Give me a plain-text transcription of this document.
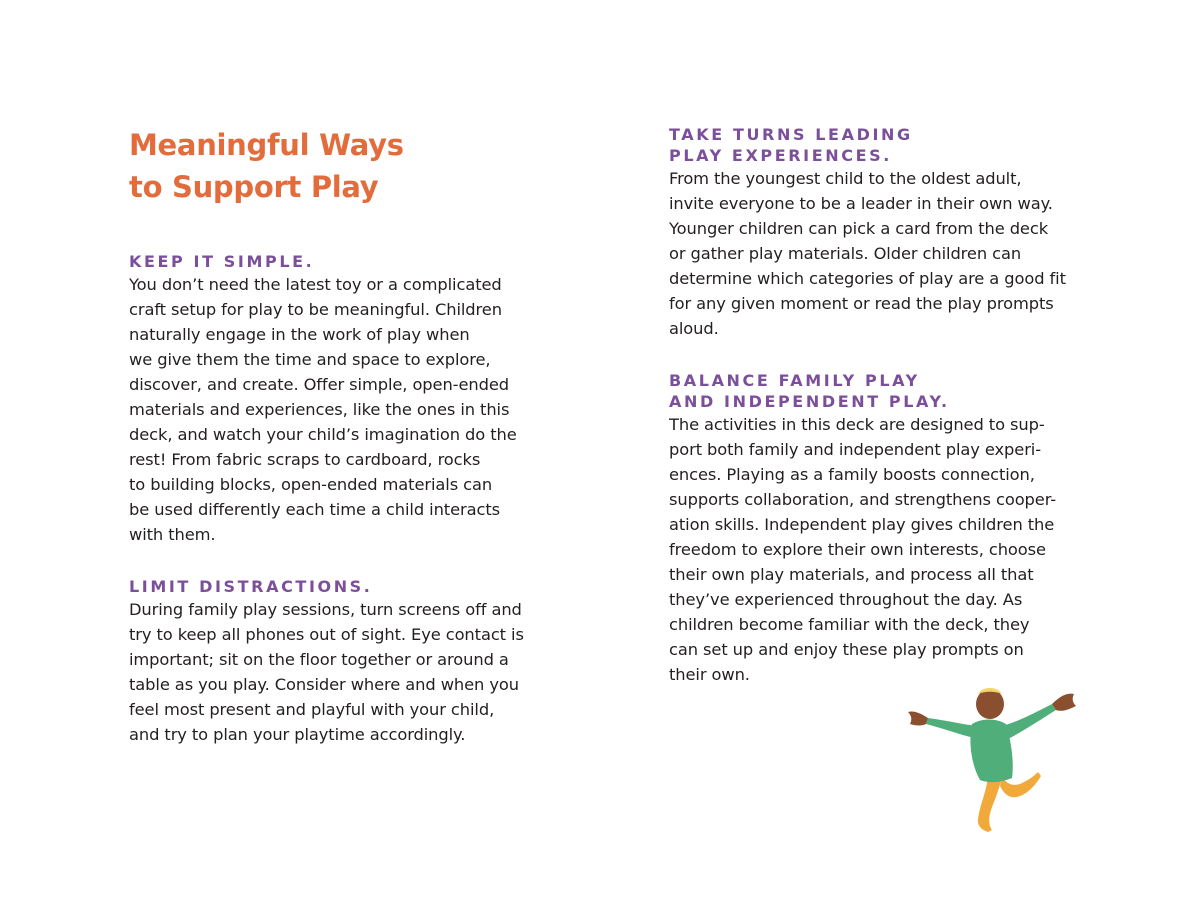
Meaningful Ways
to Support Play
KEEP IT SIMPLE.

You don’t need the latest toy or a complicated
craft setup for play to be meaningful. Children
naturally engage in the work of play when
we give them the time and space to explore,
discover, and create. Offer simple, open-ended
materials and experiences, like the ones in this
deck, and watch your child’s imagination do the
rest! From fabric scraps to cardboard, rocks
to building blocks, open-ended materials can
be used differently each time a child interacts
with them.

LIMIT DISTRACTIONS.

During family play sessions, turn screens off and
try to keep all phones out of sight. Eye contact is
important; sit on the floor together or around a
table as you play. Consider where and when you
feel most present and playful with your child,
and try to plan your playtime accordingly.

TAKE TURNS LEADING
PLAY EXPERIENCES.

From the youngest child to the oldest adult,
invite everyone to be a leader in their own way.
Younger children can pick a card from the deck
or gather play materials. Older children can
determine which categories of play are a good fit
for any given moment or read the play prompts
aloud.

BALANCE FAMILY PLAY
AND INDEPENDENT PLAY.

The activities in this deck are designed to sup-
port both family and independent play experi-
ences. Playing as a family boosts connection,
supports collaboration, and strengthens cooper-
ation skills. Independent play gives children the
freedom to explore their own interests, choose
their own play materials, and process all that
they’ve experienced throughout the day. As
children become familiar with the deck, they
can set up and enjoy these play prompts on
their own.
